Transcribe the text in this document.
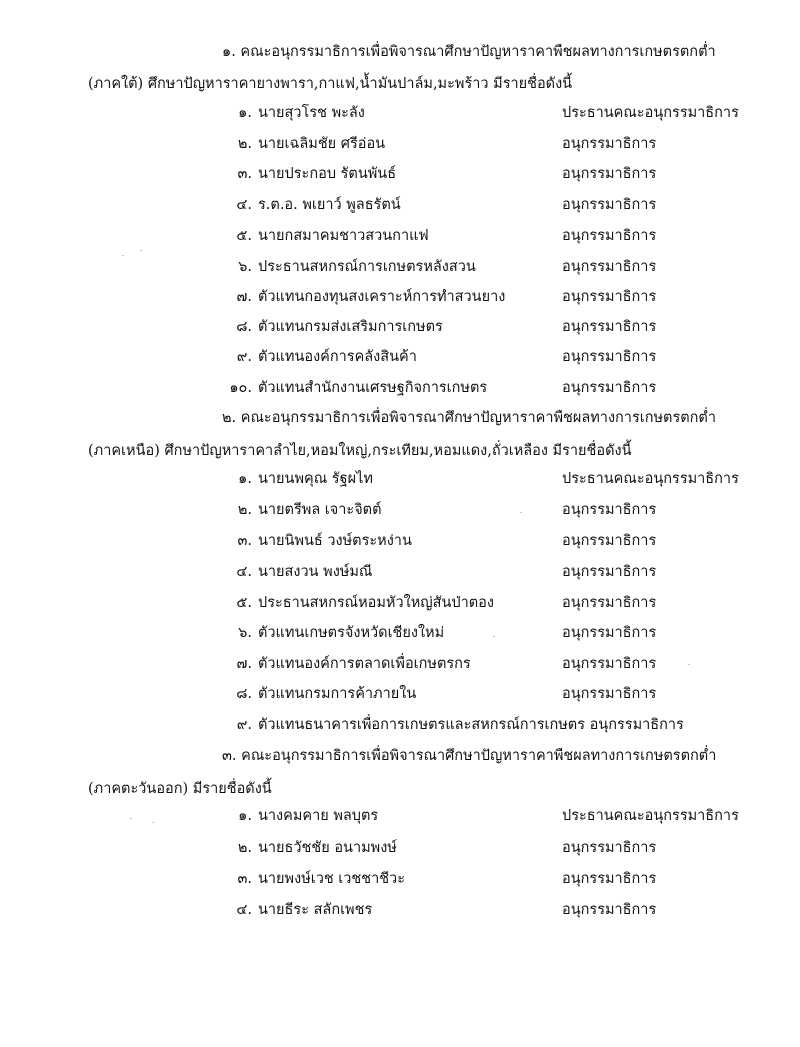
๑. คณะอนุกรรมาธิการเพื่อพิจารณาศึกษาปัญหาราคาพืชผลทางการเกษตรตกต่ำ
(ภาคใต้) ศึกษาปัญหาราคายางพารา,กาแฟ,น้ำมันปาล์ม,มะพร้าว มีรายชื่อดังนี้
๑. นายสุวโรช พะลัง	ประธานคณะอนุกรรมาธิการ
๒. นายเฉลิมชัย ศรีอ่อน	อนุกรรมาธิการ
๓. นายประกอบ รัตนพันธ์	อนุกรรมาธิการ
๔. ร.ต.อ. พเยาว์ พูลธรัตน์	อนุกรรมาธิการ
๕. นายกสมาคมชาวสวนกาแฟ	อนุกรรมาธิการ
๖. ประธานสหกรณ์การเกษตรหลังสวน	อนุกรรมาธิการ
๗. ตัวแทนกองทุนสงเคราะห์การทำสวนยาง	อนุกรรมาธิการ
๘. ตัวแทนกรมส่งเสริมการเกษตร	อนุกรรมาธิการ
๙. ตัวแทนองค์การคลังสินค้า	อนุกรรมาธิการ
๑๐. ตัวแทนสำนักงานเศรษฐกิจการเกษตร	อนุกรรมาธิการ
๒. คณะอนุกรรมาธิการเพื่อพิจารณาศึกษาปัญหาราคาพืชผลทางการเกษตรตกต่ำ
(ภาคเหนือ) ศึกษาปัญหาราคาลำไย,หอมใหญ่,กระเทียม,หอมแดง,ถั่วเหลือง มีรายชื่อดังนี้
๑. นายนพคุณ รัฐผไท	ประธานคณะอนุกรรมาธิการ
๒. นายตรีพล เจาะจิตต์	อนุกรรมาธิการ
๓. นายนิพนธ์ วงษ์ตระหง่าน	อนุกรรมาธิการ
๔. นายสงวน พงษ์มณี	อนุกรรมาธิการ
๕. ประธานสหกรณ์หอมหัวใหญ่สันป่าตอง	อนุกรรมาธิการ
๖. ตัวแทนเกษตรจังหวัดเชียงใหม่	อนุกรรมาธิการ
๗. ตัวแทนองค์การตลาดเพื่อเกษตรกร	อนุกรรมาธิการ
๘. ตัวแทนกรมการค้าภายใน	อนุกรรมาธิการ
๙. ตัวแทนธนาคารเพื่อการเกษตรและสหกรณ์การเกษตร อนุกรรมาธิการ
๓. คณะอนุกรรมาธิการเพื่อพิจารณาศึกษาปัญหาราคาพืชผลทางการเกษตรตกต่ำ
(ภาคตะวันออก) มีรายชื่อดังนี้
๑. นางคมคาย พลบุตร	ประธานคณะอนุกรรมาธิการ
๒. นายธวัชชัย อนามพงษ์	อนุกรรมาธิการ
๓. นายพงษ์เวช เวชชาชีวะ	อนุกรรมาธิการ
๔. นายธีระ สลักเพชร	อนุกรรมาธิการ
